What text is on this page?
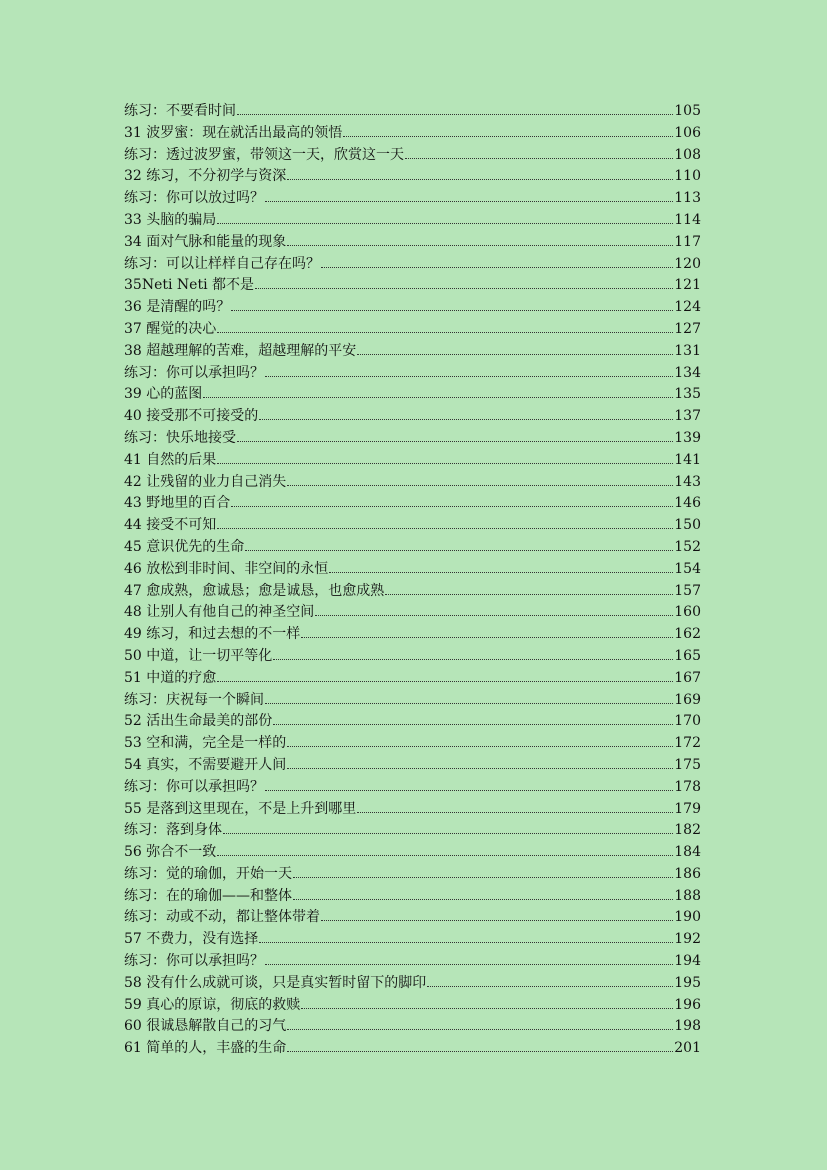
练习：不要看时间	105
31 波罗蜜：现在就活出最高的领悟	106
练习：透过波罗蜜，带领这一天，欣赏这一天	108
32 练习，不分初学与资深	110
练习：你可以放过吗？	113
33 头脑的骗局	114
34 面对气脉和能量的现象	117
练习：可以让样样自己存在吗？	120
35Neti Neti 都不是	121
36 是清醒的吗？	124
37 醒觉的决心	127
38 超越理解的苦难，超越理解的平安	131
练习：你可以承担吗？	134
39 心的蓝图	135
40 接受那不可接受的	137
练习：快乐地接受	139
41 自然的后果	141
42 让残留的业力自己消失	143
43 野地里的百合	146
44 接受不可知	150
45 意识优先的生命	152
46 放松到非时间、非空间的永恒	154
47 愈成熟，愈诚恳；愈是诚恳，也愈成熟	157
48 让别人有他自己的神圣空间	160
49 练习，和过去想的不一样	162
50 中道，让一切平等化	165
51 中道的疗愈	167
练习：庆祝每一个瞬间	169
52 活出生命最美的部份	170
53 空和满，完全是一样的	172
54 真实，不需要避开人间	175
练习：你可以承担吗？	178
55 是落到这里现在，不是上升到哪里	179
练习：落到身体	182
56 弥合不一致	184
练习：觉的瑜伽，开始一天	186
练习：在的瑜伽——和整体	188
练习：动或不动，都让整体带着	190
57 不费力，没有选择	192
练习：你可以承担吗？	194
58 没有什么成就可谈，只是真实暂时留下的脚印	195
59 真心的原谅，彻底的救赎	196
60 很诚恳解散自己的习气	198
61 简单的人，丰盛的生命	201
